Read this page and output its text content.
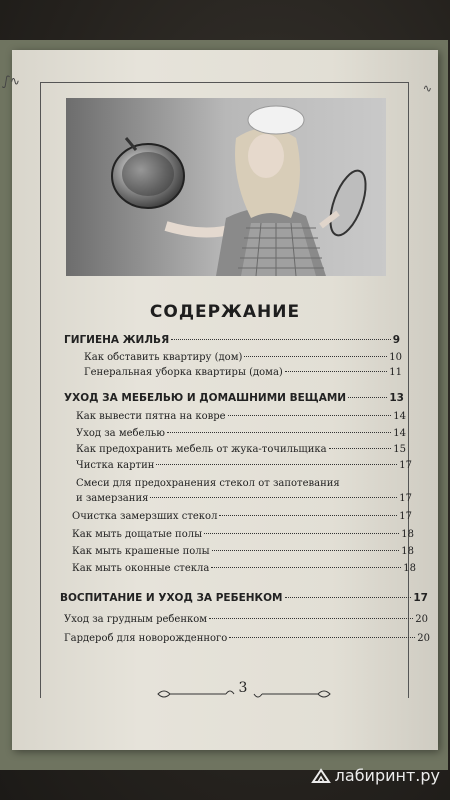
ഽ∿
∿
СОДЕРЖАНИЕ
ГИГИЕНА ЖИЛЬЯ	9
Как обставить квартиру (дом)	10
Генеральная уборка квартиры (дома)	11
УХОД ЗА МЕБЕЛЬЮ И ДОМАШНИМИ ВЕЩАМИ	13
Как вывести пятна на ковре	14
Уход за мебелью	14
Как предохранить мебель от жука-точильщика	15
Чистка картин	17
Смеси для предохранения стекол от запотевания
и замерзания	17
Очистка замерзших стекол	17
Как мыть дощатые полы	18
Как мыть крашеные полы	18
Как мыть оконные стекла	18
ВОСПИТАНИЕ И УХОД ЗА РЕБЕНКОМ	17
Уход за грудным ребенком	20
Гардероб для новорожденного	20
3
лабиринт.ру
